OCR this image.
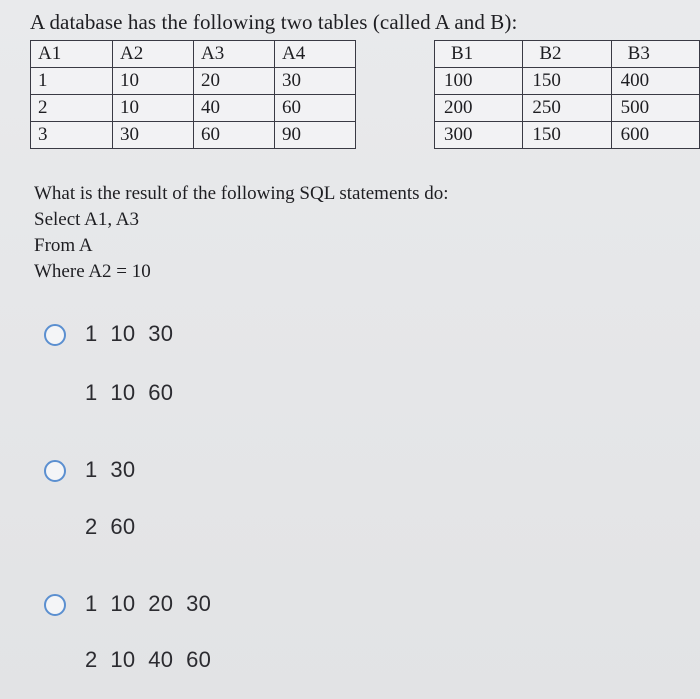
A database has the following two tables (called A and B):
A1	A2	A3	A4
1	10	20	30
2	10	40	60
3	30	60	90
B1	B2	B3
100	150	400
200	250	500
300	150	600
What is the result of the following SQL statements do:
Select A1, A3
From A
Where A2 = 10
1  10  30
1  10  60
1  30
2  60
1  10  20  30
2  10  40  60
